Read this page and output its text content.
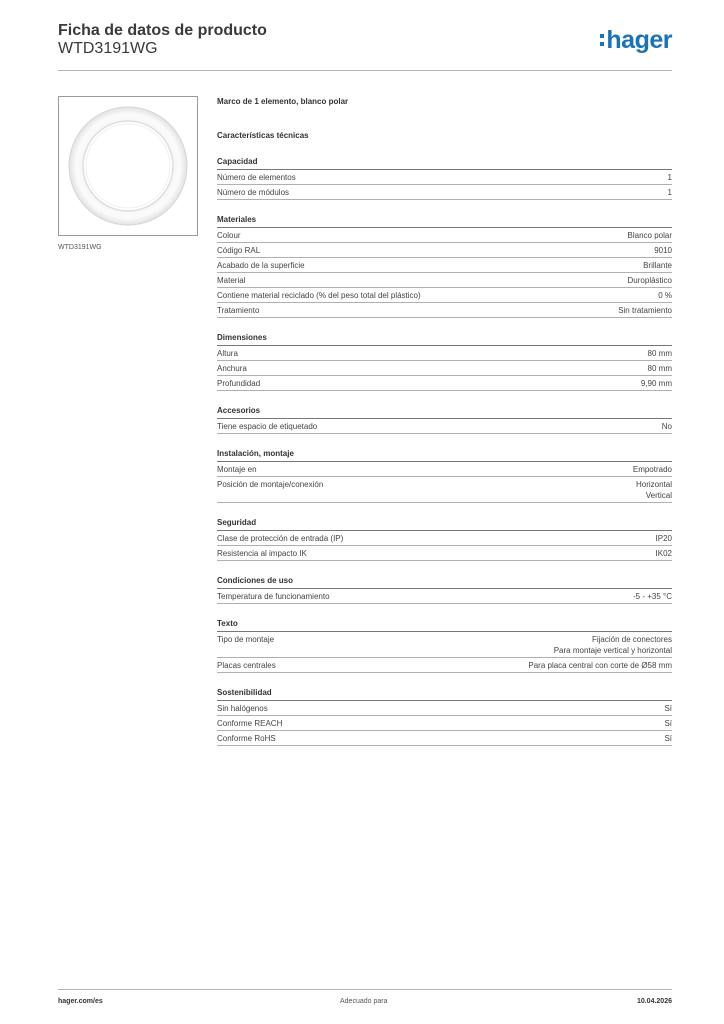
Ficha de datos de producto
WTD3191WG	hager
WTD3191WG
Marco de 1 elemento, blanco polar
Características técnicas
Capacidad
Número de elementos	1
Número de módulos	1
Materiales
Colour	Blanco polar
Código RAL	9010
Acabado de la superficie	Brillante
Material	Duroplástico
Contiene material reciclado (% del peso total del plástico)	0 %
Tratamiento	Sin tratamiento
Dimensiones
Altura	80 mm
Anchura	80 mm
Profundidad	9,90 mm
Accesorios
Tiene espacio de etiquetado	No
Instalación, montaje
Montaje en	Empotrado
Posición de montaje/conexión	Horizontal
Vertical
Seguridad
Clase de protección de entrada (IP)	IP20
Resistencia al impacto IK	IK02
Condiciones de uso
Temperatura de funcionamiento	-5 - +35 °C
Texto
Tipo de montaje	Fijación de conectores
Para montaje vertical y horizontal
Placas centrales	Para placa central con corte de Ø58 mm
Sostenibilidad
Sin halógenos	Sí
Conforme REACH	Sí
Conforme RoHS	Sí
hager.com/es	Adecuado para	10.04.2026
